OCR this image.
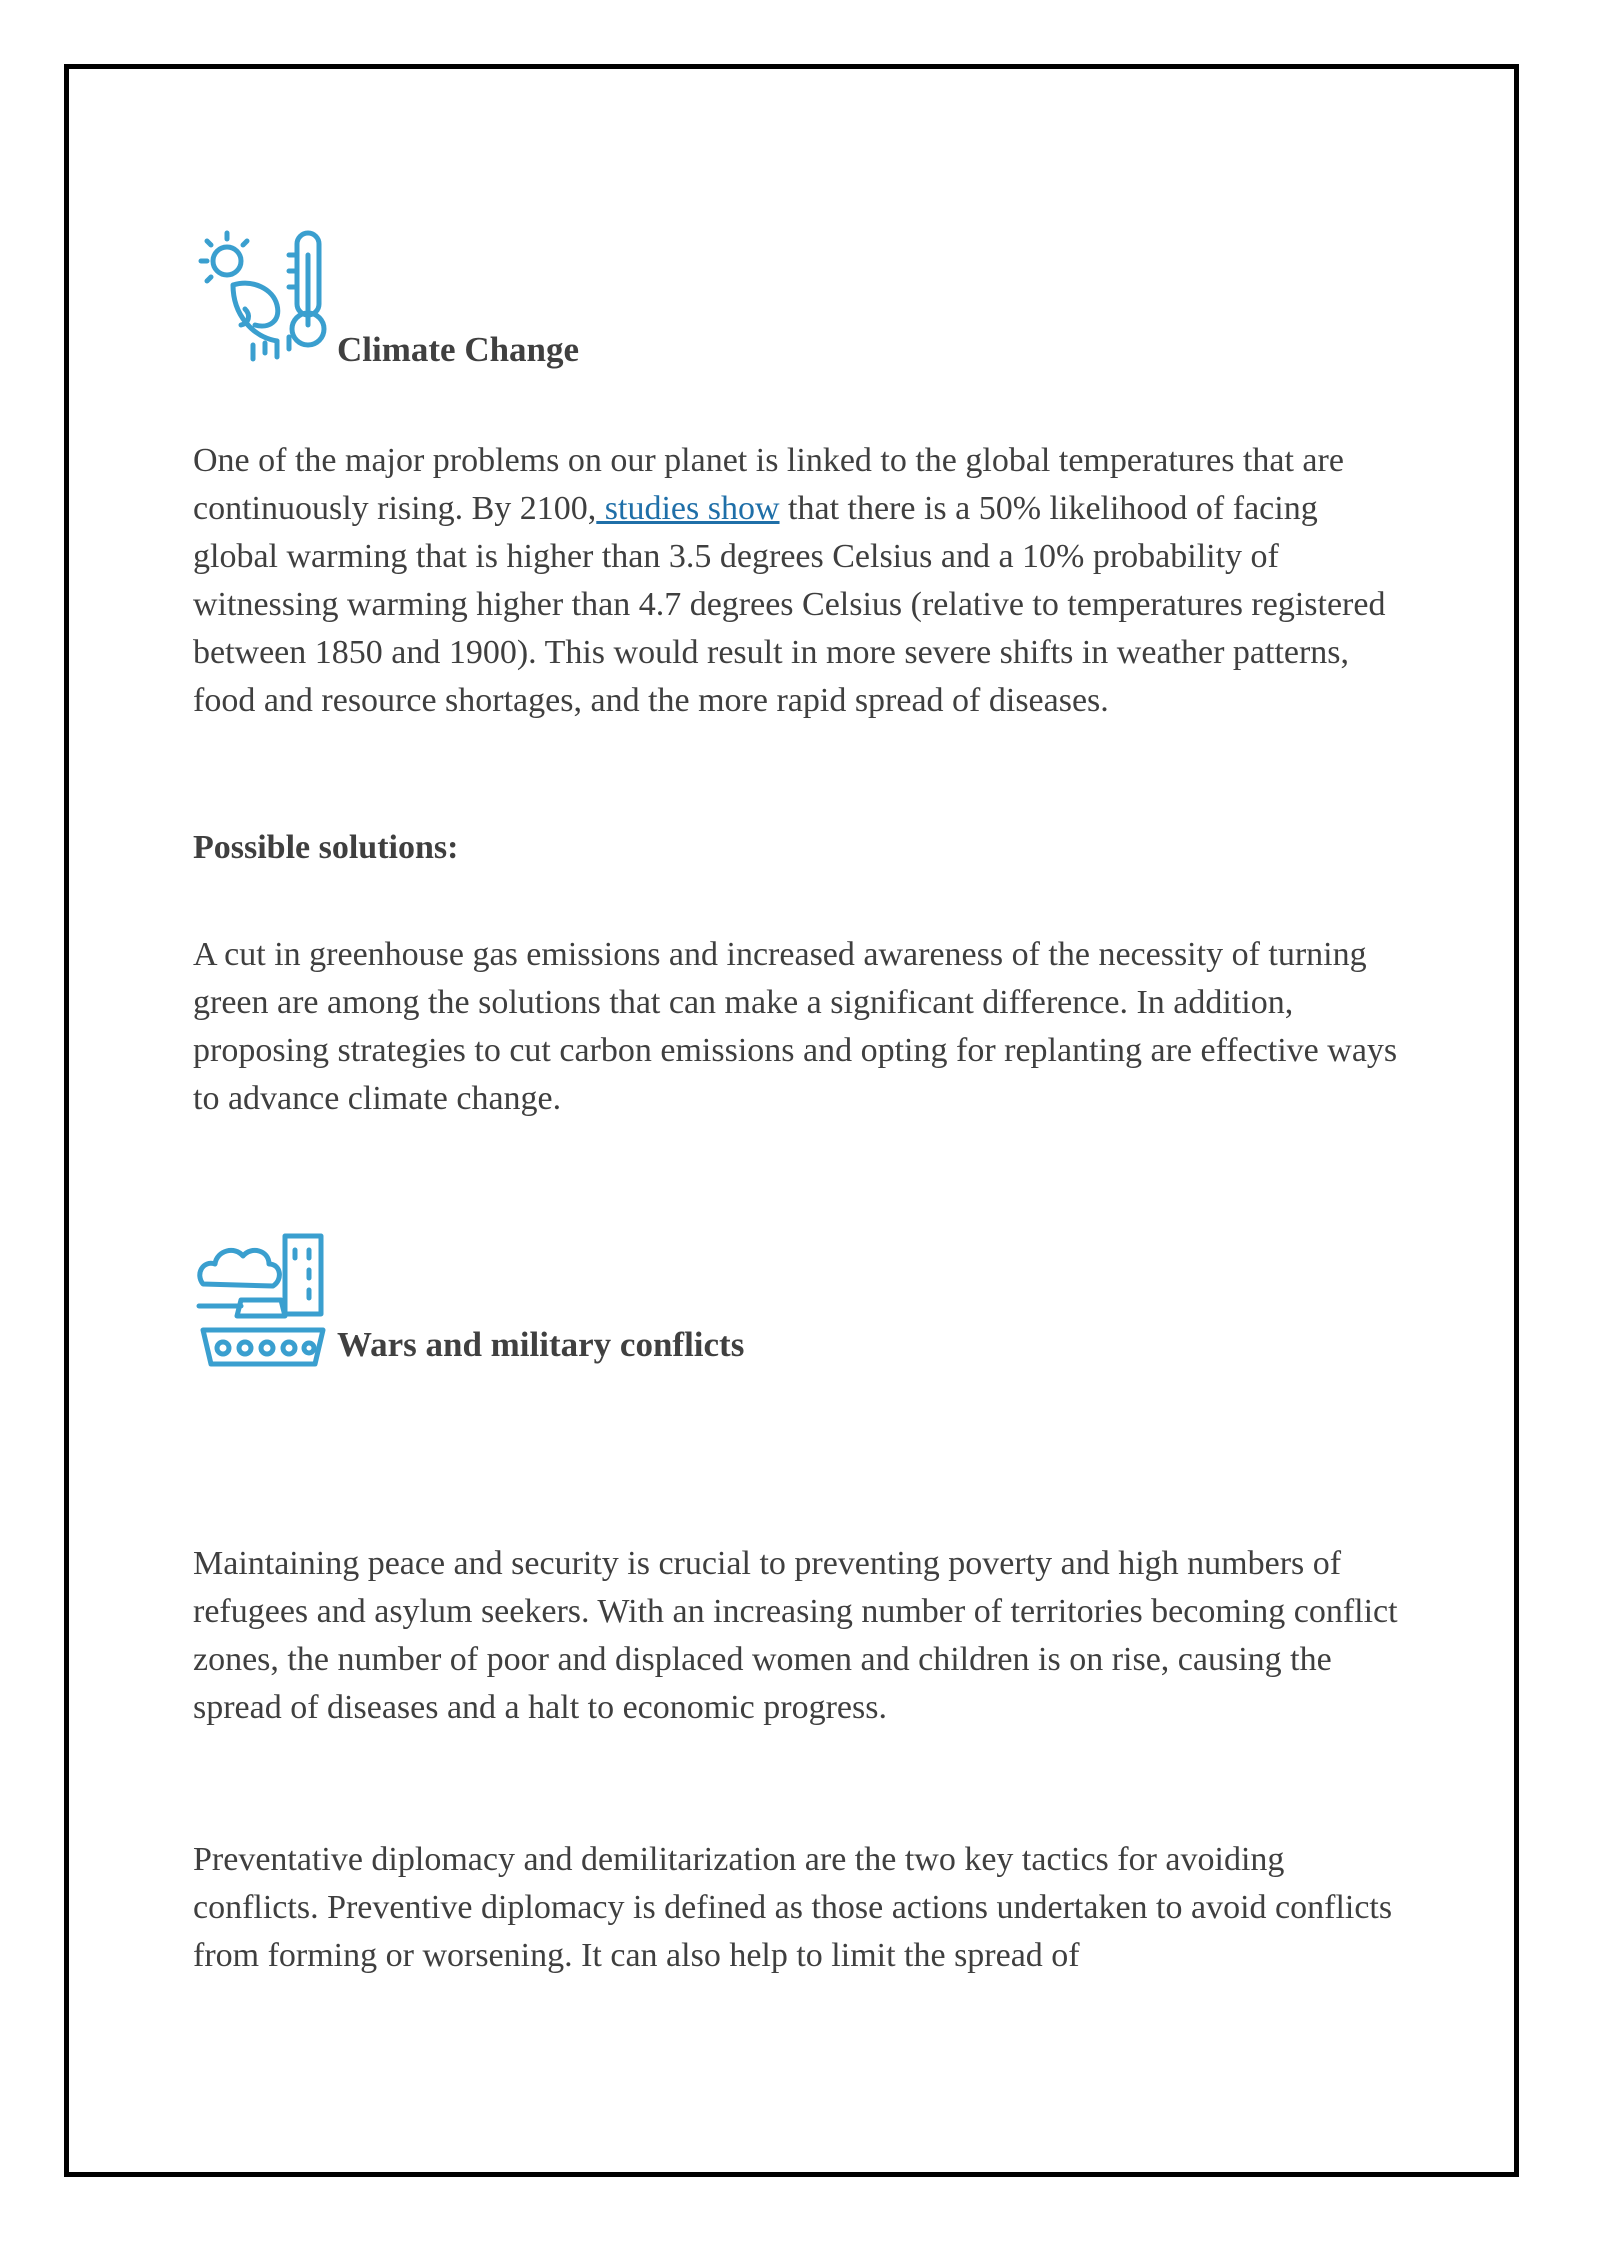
Climate Change

One of the major problems on our planet is linked to the global temperatures that are continuously rising. By 2100, studies show that there is a 50% likelihood of facing global warming that is higher than 3.5 degrees Celsius and a 10% probability of witnessing warming higher than 4.7 degrees Celsius (relative to temperatures registered between 1850 and 1900). This would result in more severe shifts in weather patterns, food and resource shortages, and the more rapid spread of diseases.

Possible solutions:

A cut in greenhouse gas emissions and increased awareness of the necessity of turning green are among the solutions that can make a significant difference. In addition, proposing strategies to cut carbon emissions and opting for replanting are effective ways to advance climate change.

Wars and military conflicts

Maintaining peace and security is crucial to preventing poverty and high numbers of refugees and asylum seekers. With an increasing number of territories becoming conflict zones, the number of poor and displaced women and children is on rise, causing the spread of diseases and a halt to economic progress.

Preventative diplomacy and demilitarization are the two key tactics for avoiding conflicts. Preventive diplomacy is defined as those actions undertaken to avoid conflicts from forming or worsening. It can also help to limit the spread of
